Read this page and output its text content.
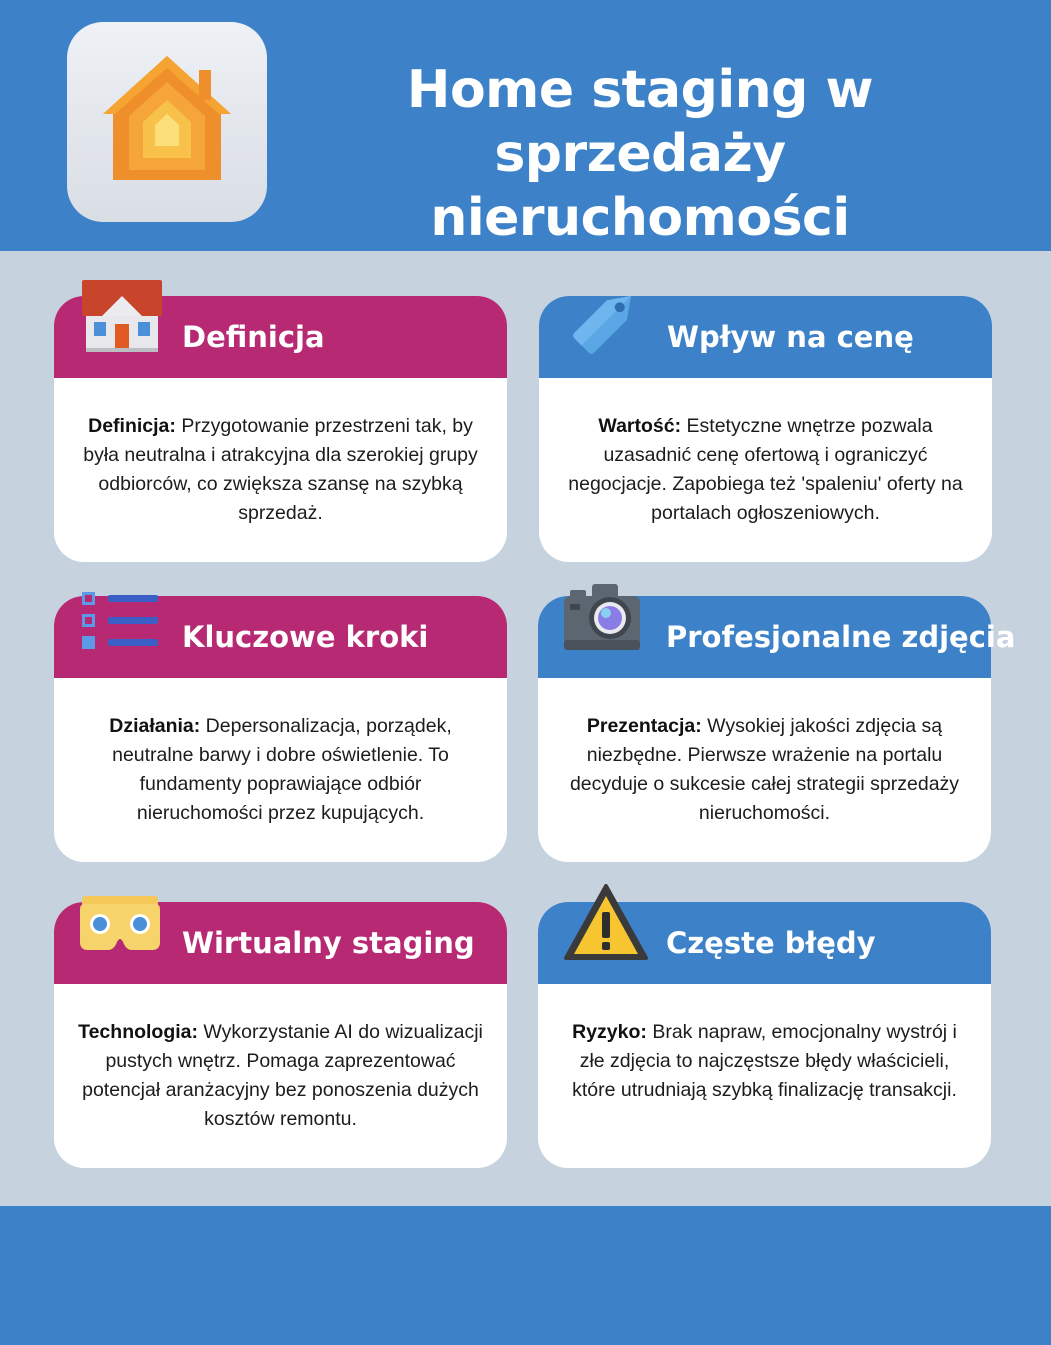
Home staging w
sprzedaży nieruchomości
Definicja
Definicja: Przygotowanie przestrzeni tak, by była neutralna i atrakcyjna dla szerokiej grupy odbiorców, co zwiększa szansę na szybką sprzedaż.
Wpływ na cenę
Wartość: Estetyczne wnętrze pozwala uzasadnić cenę ofertową i ograniczyć negocjacje. Zapobiega też 'spaleniu' oferty na portalach ogłoszeniowych.
Kluczowe kroki
Działania: Depersonalizacja, porządek, neutralne barwy i dobre oświetlenie. To fundamenty poprawiające odbiór nieruchomości przez kupujących.
Profesjonalne zdjęcia
Prezentacja: Wysokiej jakości zdjęcia są niezbędne. Pierwsze wrażenie na portalu decyduje o sukcesie całej strategii sprzedaży nieruchomości.
Wirtualny staging
Technologia: Wykorzystanie AI do wizualizacji pustych wnętrz. Pomaga zaprezentować potencjał aranżacyjny bez ponoszenia dużych kosztów remontu.
Częste błędy
Ryzyko: Brak napraw, emocjonalny wystrój i złe zdjęcia to najczęstsze błędy właścicieli, które utrudniają szybką finalizację transakcji.
